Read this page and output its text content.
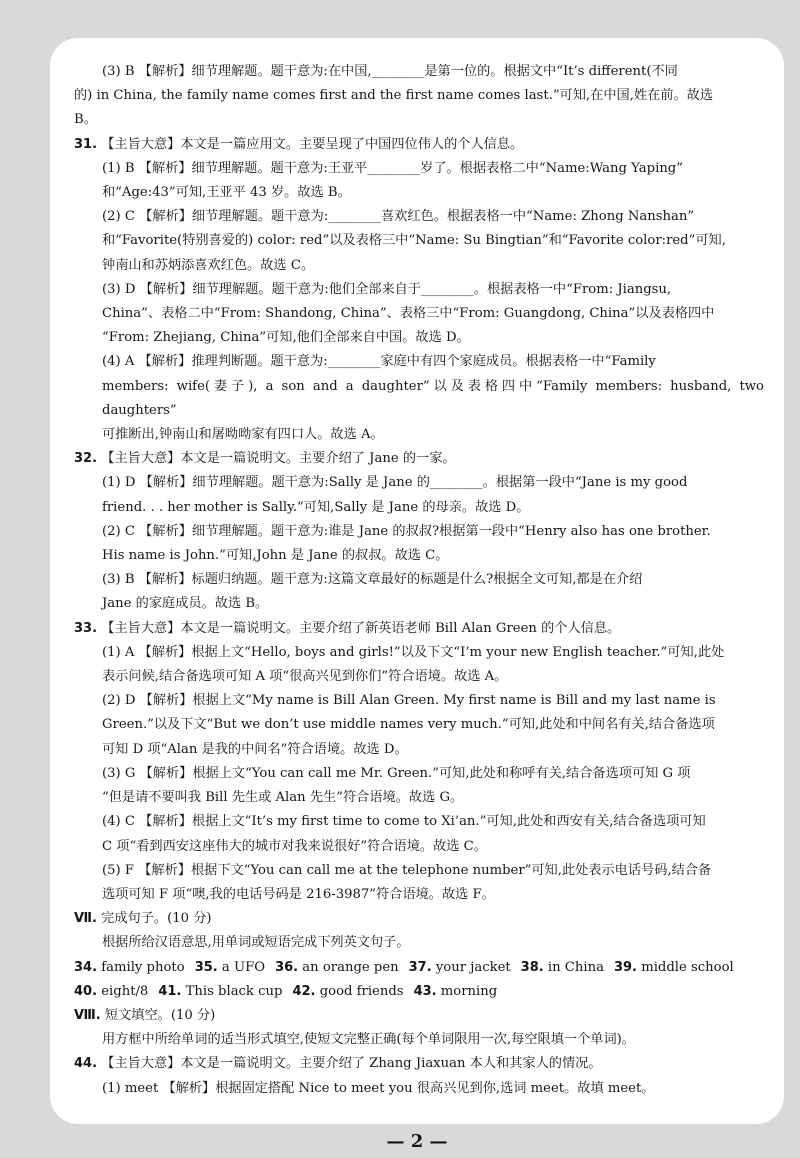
(3) B 【解析】细节理解题。题干意为:在中国,________是第一位的。根据文中“It’s different(不同

的) in China, the family name comes first and the first name comes last.”可知,在中国,姓在前。故选

B。

31. 【主旨大意】本文是一篇应用文。主要呈现了中国四位伟人的个人信息。

(1) B 【解析】细节理解题。题干意为:王亚平________岁了。根据表格二中“Name:Wang Yaping”

和“Age:43”可知,王亚平 43 岁。故选 B。

(2) C 【解析】细节理解题。题干意为:________喜欢红色。根据表格一中“Name: Zhong Nanshan”

和“Favorite(特别喜爱的) color: red”以及表格三中“Name: Su Bingtian”和“Favorite color:red”可知,

钟南山和苏炳添喜欢红色。故选 C。

(3) D 【解析】细节理解题。题干意为:他们全部来自于________。根据表格一中“From: Jiangsu,

China”、表格二中“From: Shandong, China”、表格三中“From: Guangdong, China”以及表格四中

“From: Zhejiang, China”可知,他们全部来自中国。故选 D。

(4) A 【解析】推理判断题。题干意为:________家庭中有四个家庭成员。根据表格一中“Family

members: wife(妻子), a son and a daughter”以及表格四中“Family members: husband, two daughters”

可推断出,钟南山和屠呦呦家有四口人。故选 A。

32. 【主旨大意】本文是一篇说明文。主要介绍了 Jane 的一家。

(1) D 【解析】细节理解题。题干意为:Sally 是 Jane 的________。根据第一段中“Jane is my good

friend. . . her mother is Sally.”可知,Sally 是 Jane 的母亲。故选 D。

(2) C 【解析】细节理解题。题干意为:谁是 Jane 的叔叔?根据第一段中“Henry also has one brother.

His name is John.”可知,John 是 Jane 的叔叔。故选 C。

(3) B 【解析】标题归纳题。题干意为:这篇文章最好的标题是什么?根据全文可知,都是在介绍

Jane 的家庭成员。故选 B。

33. 【主旨大意】本文是一篇说明文。主要介绍了新英语老师 Bill Alan Green 的个人信息。

(1) A 【解析】根据上文“Hello, boys and girls!”以及下文“I’m your new English teacher.”可知,此处

表示问候,结合备选项可知 A 项“很高兴见到你们”符合语境。故选 A。

(2) D 【解析】根据上文“My name is Bill Alan Green. My first name is Bill and my last name is

Green.”以及下文“But we don’t use middle names very much.”可知,此处和中间名有关,结合备选项

可知 D 项“Alan 是我的中间名”符合语境。故选 D。

(3) G 【解析】根据上文“You can call me Mr. Green.”可知,此处和称呼有关,结合备选项可知 G 项

“但是请不要叫我 Bill 先生或 Alan 先生”符合语境。故选 G。

(4) C 【解析】根据上文“It’s my first time to come to Xi’an.”可知,此处和西安有关,结合备选项可知

C 项“看到西安这座伟大的城市对我来说很好”符合语境。故选 C。

(5) F 【解析】根据下文“You can call me at the telephone number”可知,此处表示电话号码,结合备

选项可知 F 项“噢,我的电话号码是 216-3987”符合语境。故选 F。

Ⅶ. 完成句子。(10 分)

根据所给汉语意思,用单词或短语完成下列英文句子。

34. family photo 35. a UFO 36. an orange pen 37. your jacket 38. in China 39. middle school

40. eight/8 41. This black cup 42. good friends 43. morning

Ⅷ. 短文填空。(10 分)

用方框中所给单词的适当形式填空,使短文完整正确(每个单词限用一次,每空限填一个单词)。

44. 【主旨大意】本文是一篇说明文。主要介绍了 Zhang Jiaxuan 本人和其家人的情况。

(1) meet 【解析】根据固定搭配 Nice to meet you 很高兴见到你,选词 meet。故填 meet。

— 2 —
